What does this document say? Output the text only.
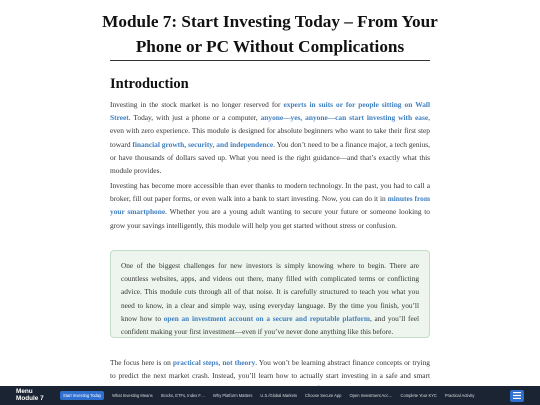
Module 7: Start Investing Today – From Your Phone or PC Without Complications
Introduction

Investing in the stock market is no longer reserved for experts in suits or for people sitting on Wall Street. Today, with just a phone or a computer, anyone—yes, anyone—can start investing with ease, even with zero experience. This module is designed for absolute beginners who want to take their first step toward financial growth, security, and independence. You don’t need to be a finance major, a tech genius, or have thousands of dollars saved up. What you need is the right guidance—and that’s exactly what this module provides.

Investing has become more accessible than ever thanks to modern technology. In the past, you had to call a broker, fill out paper forms, or even walk into a bank to start investing. Now, you can do it in minutes from your smartphone. Whether you are a young adult wanting to secure your future or someone looking to grow your savings intelligently, this module will help you get started without stress or confusion.

One of the biggest challenges for new investors is simply knowing where to begin. There are countless websites, apps, and videos out there, many filled with complicated terms or conflicting advice. This module cuts through all of that noise. It is carefully structured to teach you what you need to know, in a clear and simple way, using everyday language. By the time you finish, you’ll know how to open an investment account on a secure and reputable platform, and you’ll feel confident making your first investment—even if you’ve never done anything like this before.

The focus here is on practical steps, not theory. You won’t be learning abstract finance concepts or trying to predict the next market crash. Instead, you’ll learn how to actually start investing in a safe and smart

Menu Module 7	Start Investing Today	What Investing Means Stocks, ETFs, Index F… Why Platform Matters U.S./Global Markets Choose Secure App Open Investment Acc… Complete Your KYC Practical Activity
